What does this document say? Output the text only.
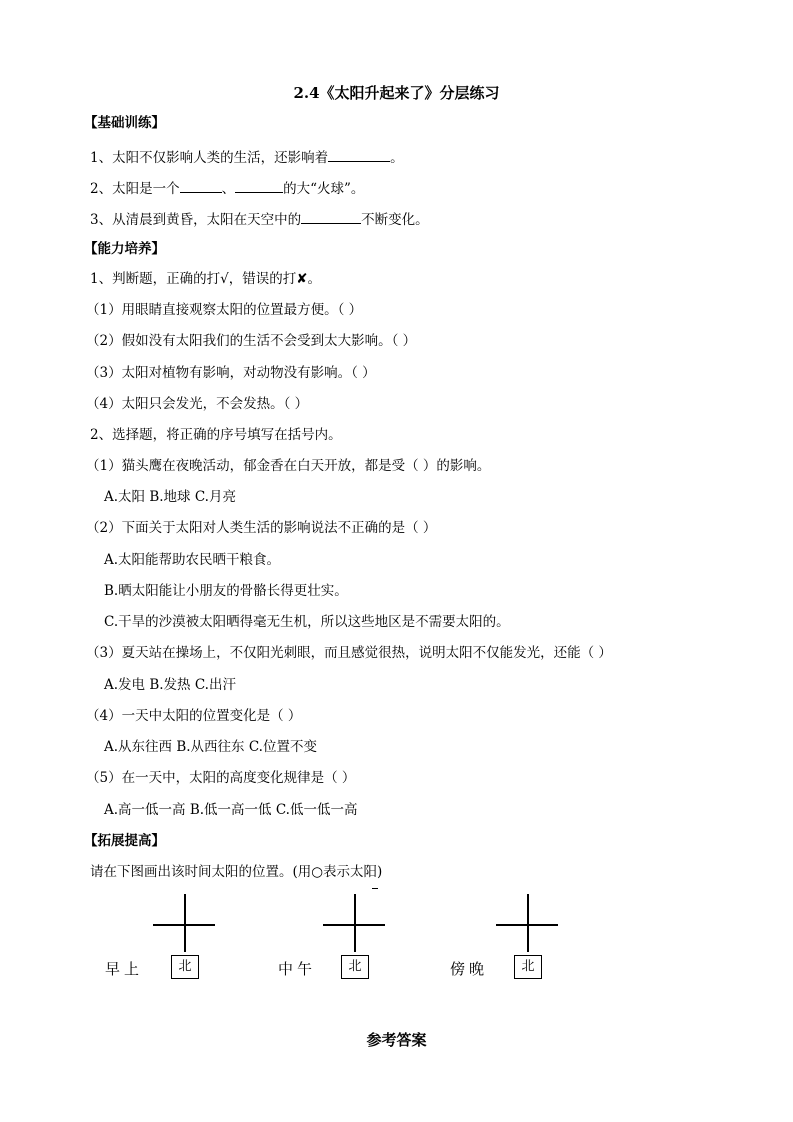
2.4《太阳升起来了》分层练习
【基础训练】
1、太阳不仅影响人类的生活，还影响着	。
2、太阳是一个	、	的大“火球”。
3、从清晨到黄昏，太阳在天空中的	不断变化。
【能力培养】
1、判断题，正确的打√，错误的打✘。
（1）用眼睛直接观察太阳的位置最方便。（ ）
（2）假如没有太阳我们的生活不会受到太大影响。（ ）
（3）太阳对植物有影响，对动物没有影响。（ ）
（4）太阳只会发光，不会发热。（ ）
2、选择题，将正确的序号填写在括号内。
（1）猫头鹰在夜晚活动，郁金香在白天开放，都是受（ ）的影响。
A.太阳 B.地球 C.月亮
（2）下面关于太阳对人类生活的影响说法不正确的是（ ）
A.太阳能帮助农民晒干粮食。
B.晒太阳能让小朋友的骨骼长得更壮实。
C.干旱的沙漠被太阳晒得毫无生机，所以这些地区是不需要太阳的。
（3）夏天站在操场上，不仅阳光刺眼，而且感觉很热，说明太阳不仅能发光，还能（ ）
A.发电 B.发热 C.出汗
（4）一天中太阳的位置变化是（ ）
A.从东往西 B.从西往东 C.位置不变
（5）在一天中，太阳的高度变化规律是（ ）
A.高一低一高 B.低一高一低 C.低一低一高
【拓展提高】
请在下图画出该时间太阳的位置。(用○表示太阳)
北
早上	北
中午	北
傍晚
参考答案
